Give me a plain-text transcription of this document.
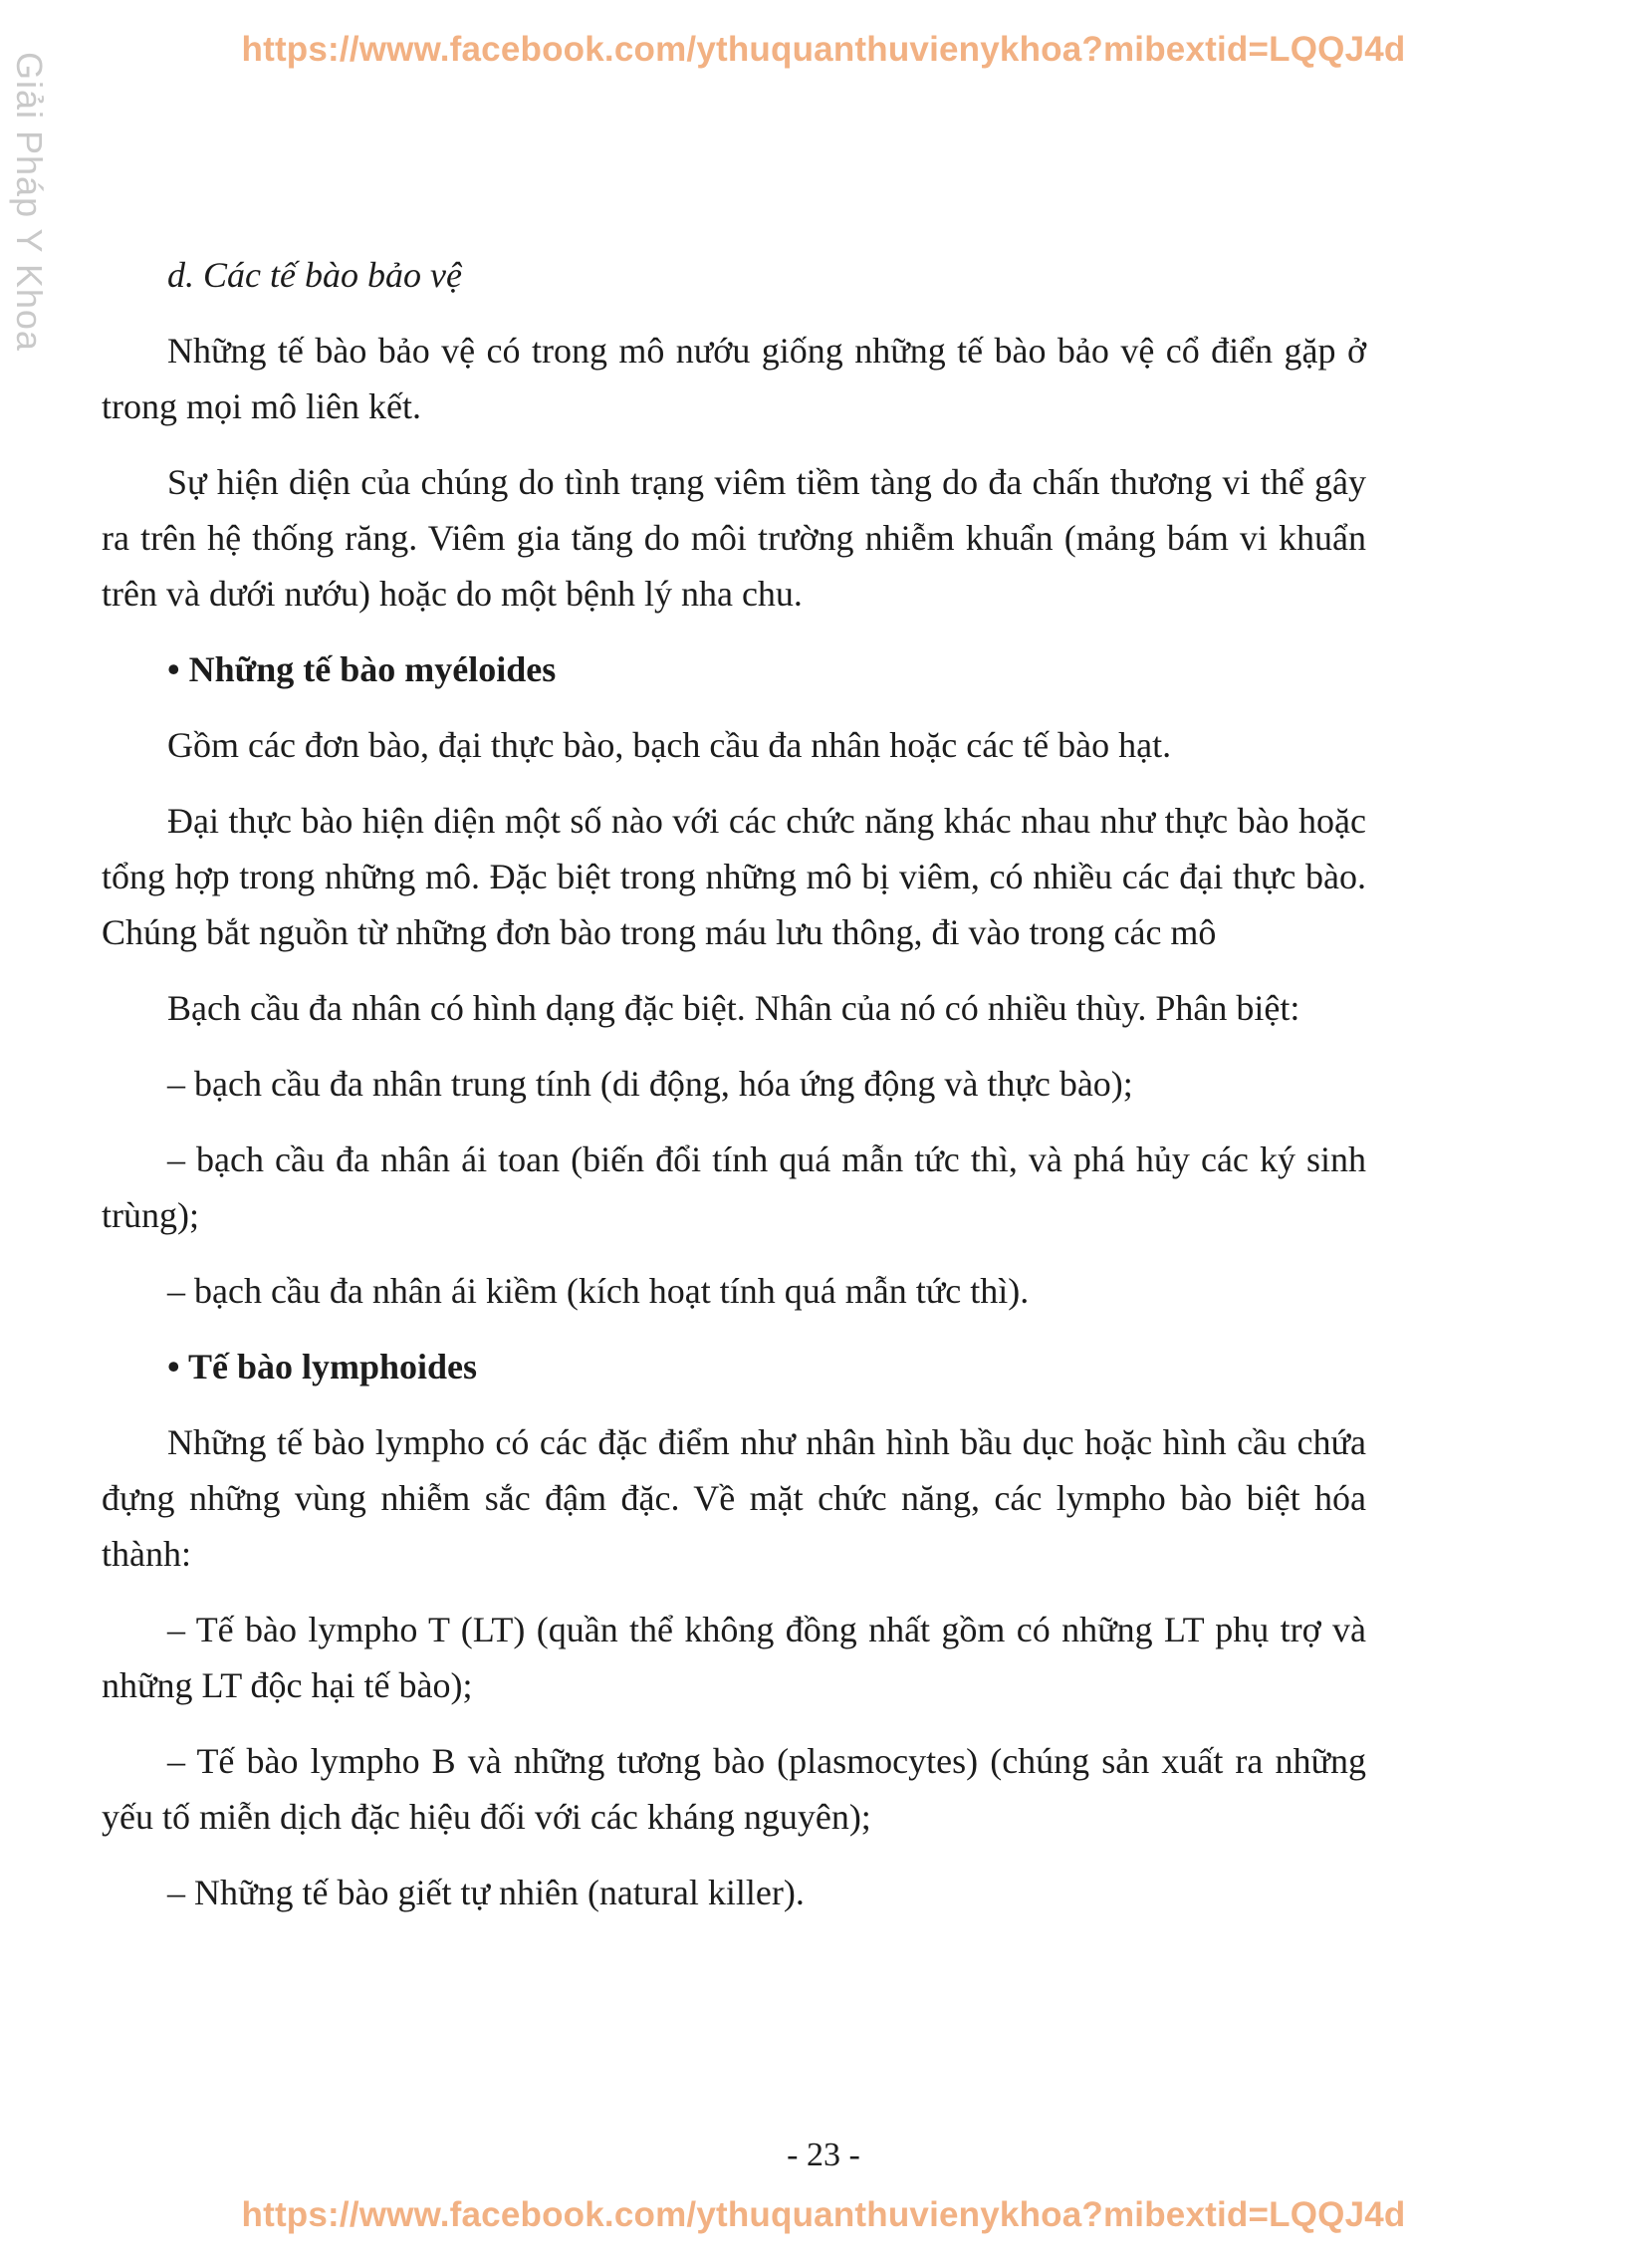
https://www.facebook.com/ythuquanthuvienykhoa?mibextid=LQQJ4d
Giải Pháp Y Khoa	d. Các tế bào bảo vệ

Những tế bào bảo vệ có trong mô nướu giống những tế bào bảo vệ cổ điển gặp ở trong mọi mô liên kết.

Sự hiện diện của chúng do tình trạng viêm tiềm tàng do đa chấn thương vi thể gây ra trên hệ thống răng. Viêm gia tăng do môi trường nhiễm khuẩn (mảng bám vi khuẩn trên và dưới nướu) hoặc do một bệnh lý nha chu.

• Những tế bào myéloides

Gồm các đơn bào, đại thực bào, bạch cầu đa nhân hoặc các tế bào hạt.

Đại thực bào hiện diện một số nào với các chức năng khác nhau như thực bào hoặc tổng hợp trong những mô. Đặc biệt trong những mô bị viêm, có nhiều các đại thực bào. Chúng bắt nguồn từ những đơn bào trong máu lưu thông, đi vào trong các mô

Bạch cầu đa nhân có hình dạng đặc biệt. Nhân của nó có nhiều thùy. Phân biệt:

– bạch cầu đa nhân trung tính (di động, hóa ứng động và thực bào);

– bạch cầu đa nhân ái toan (biến đổi tính quá mẫn tức thì, và phá hủy các ký sinh trùng);

– bạch cầu đa nhân ái kiềm (kích hoạt tính quá mẫn tức thì).

• Tế bào lymphoides

Những tế bào lympho có các đặc điểm như nhân hình bầu dục hoặc hình cầu chứa đựng những vùng nhiễm sắc đậm đặc. Về mặt chức năng, các lympho bào biệt hóa thành:

– Tế bào lympho T (LT) (quần thể không đồng nhất gồm có những LT phụ trợ và những LT độc hại tế bào);

– Tế bào lympho B và những tương bào (plasmocytes) (chúng sản xuất ra những yếu tố miễn dịch đặc hiệu đối với các kháng nguyên);

– Những tế bào giết tự nhiên (natural killer).

- 23 -
https://www.facebook.com/ythuquanthuvienykhoa?mibextid=LQQJ4d
